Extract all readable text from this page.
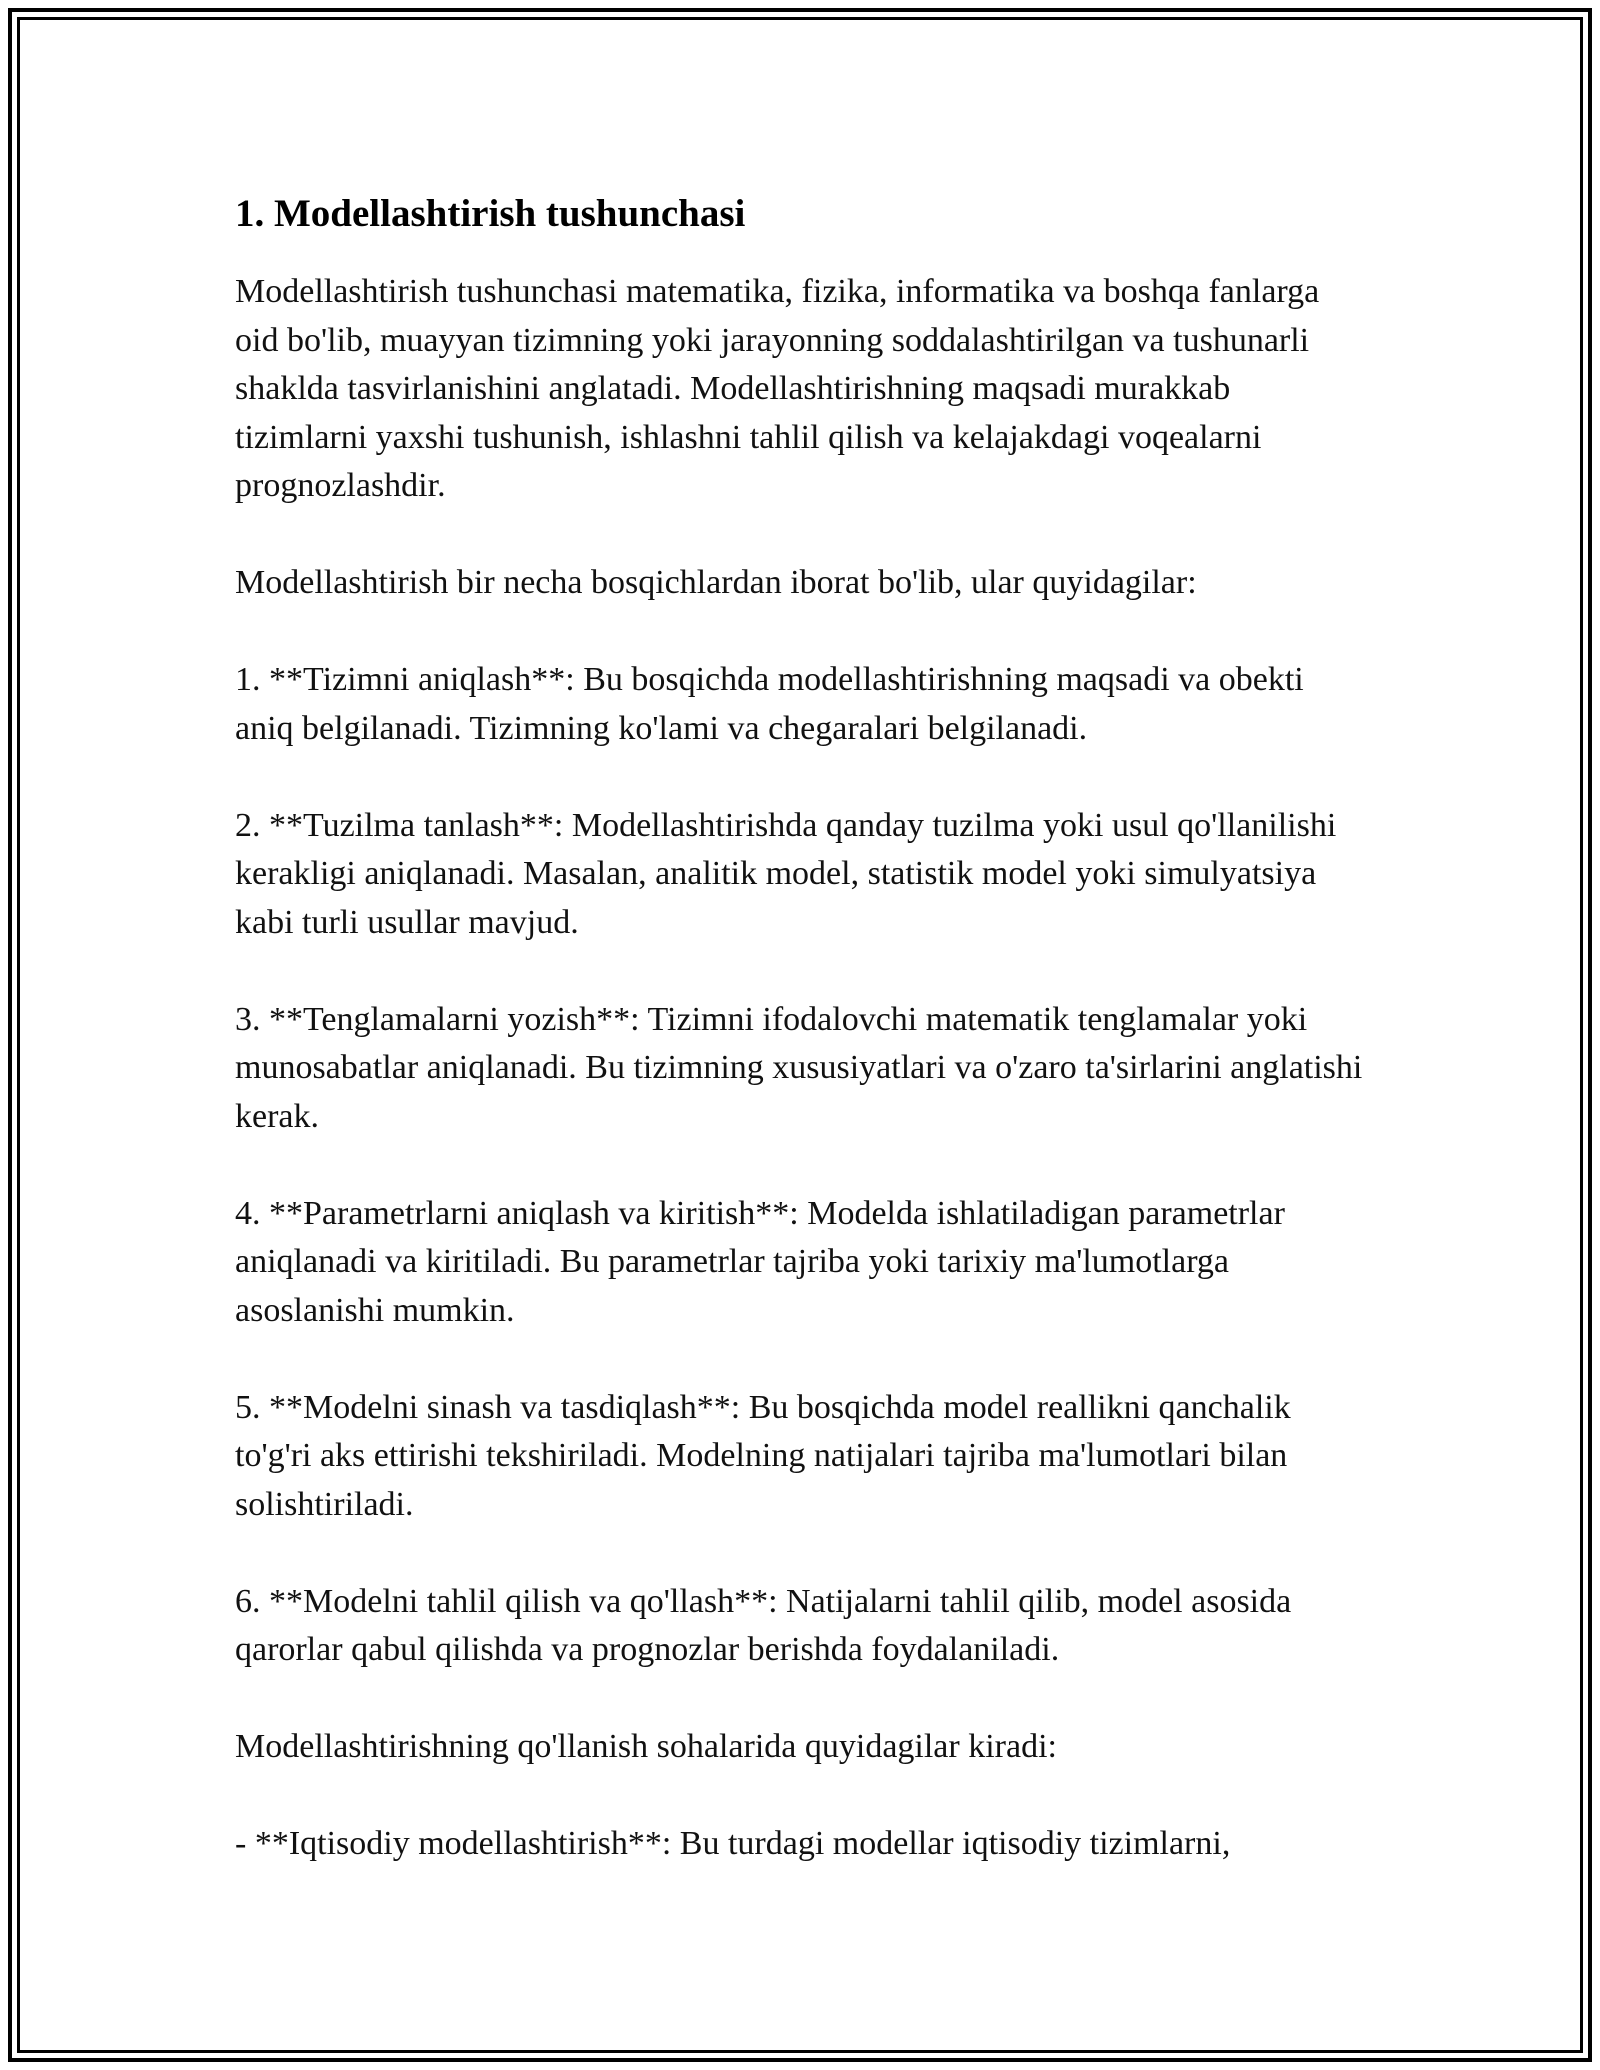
1. Modellashtirish tushunchasi

Modellashtirish tushunchasi matematika, fizika, informatika va boshqa fanlarga oid bo'lib, muayyan tizimning yoki jarayonning soddalashtirilgan va tushunarli shaklda tasvirlanishini anglatadi. Modellashtirishning maqsadi murakkab tizimlarni yaxshi tushunish, ishlashni tahlil qilish va kelajakdagi voqealarni prognozlashdir.

Modellashtirish bir necha bosqichlardan iborat bo'lib, ular quyidagilar:

1. **Tizimni aniqlash**: Bu bosqichda modellashtirishning maqsadi va obekti aniq belgilanadi. Tizimning ko'lami va chegaralari belgilanadi.

2. **Tuzilma tanlash**: Modellashtirishda qanday tuzilma yoki usul qo'llanilishi kerakligi aniqlanadi. Masalan, analitik model, statistik model yoki simulyatsiya kabi turli usullar mavjud.

3. **Tenglamalarni yozish**: Tizimni ifodalovchi matematik tenglamalar yoki munosabatlar aniqlanadi. Bu tizimning xususiyatlari va o'zaro ta'sirlarini anglatishi kerak.

4. **Parametrlarni aniqlash va kiritish**: Modelda ishlatiladigan parametrlar aniqlanadi va kiritiladi. Bu parametrlar tajriba yoki tarixiy ma'lumotlarga asoslanishi mumkin.

5. **Modelni sinash va tasdiqlash**: Bu bosqichda model reallikni qanchalik to'g'ri aks ettirishi tekshiriladi. Modelning natijalari tajriba ma'lumotlari bilan solishtiriladi.

6. **Modelni tahlil qilish va qo'llash**: Natijalarni tahlil qilib, model asosida qarorlar qabul qilishda va prognozlar berishda foydalaniladi.

Modellashtirishning qo'llanish sohalarida quyidagilar kiradi:

- **Iqtisodiy modellashtirish**: Bu turdagi modellar iqtisodiy tizimlarni,
